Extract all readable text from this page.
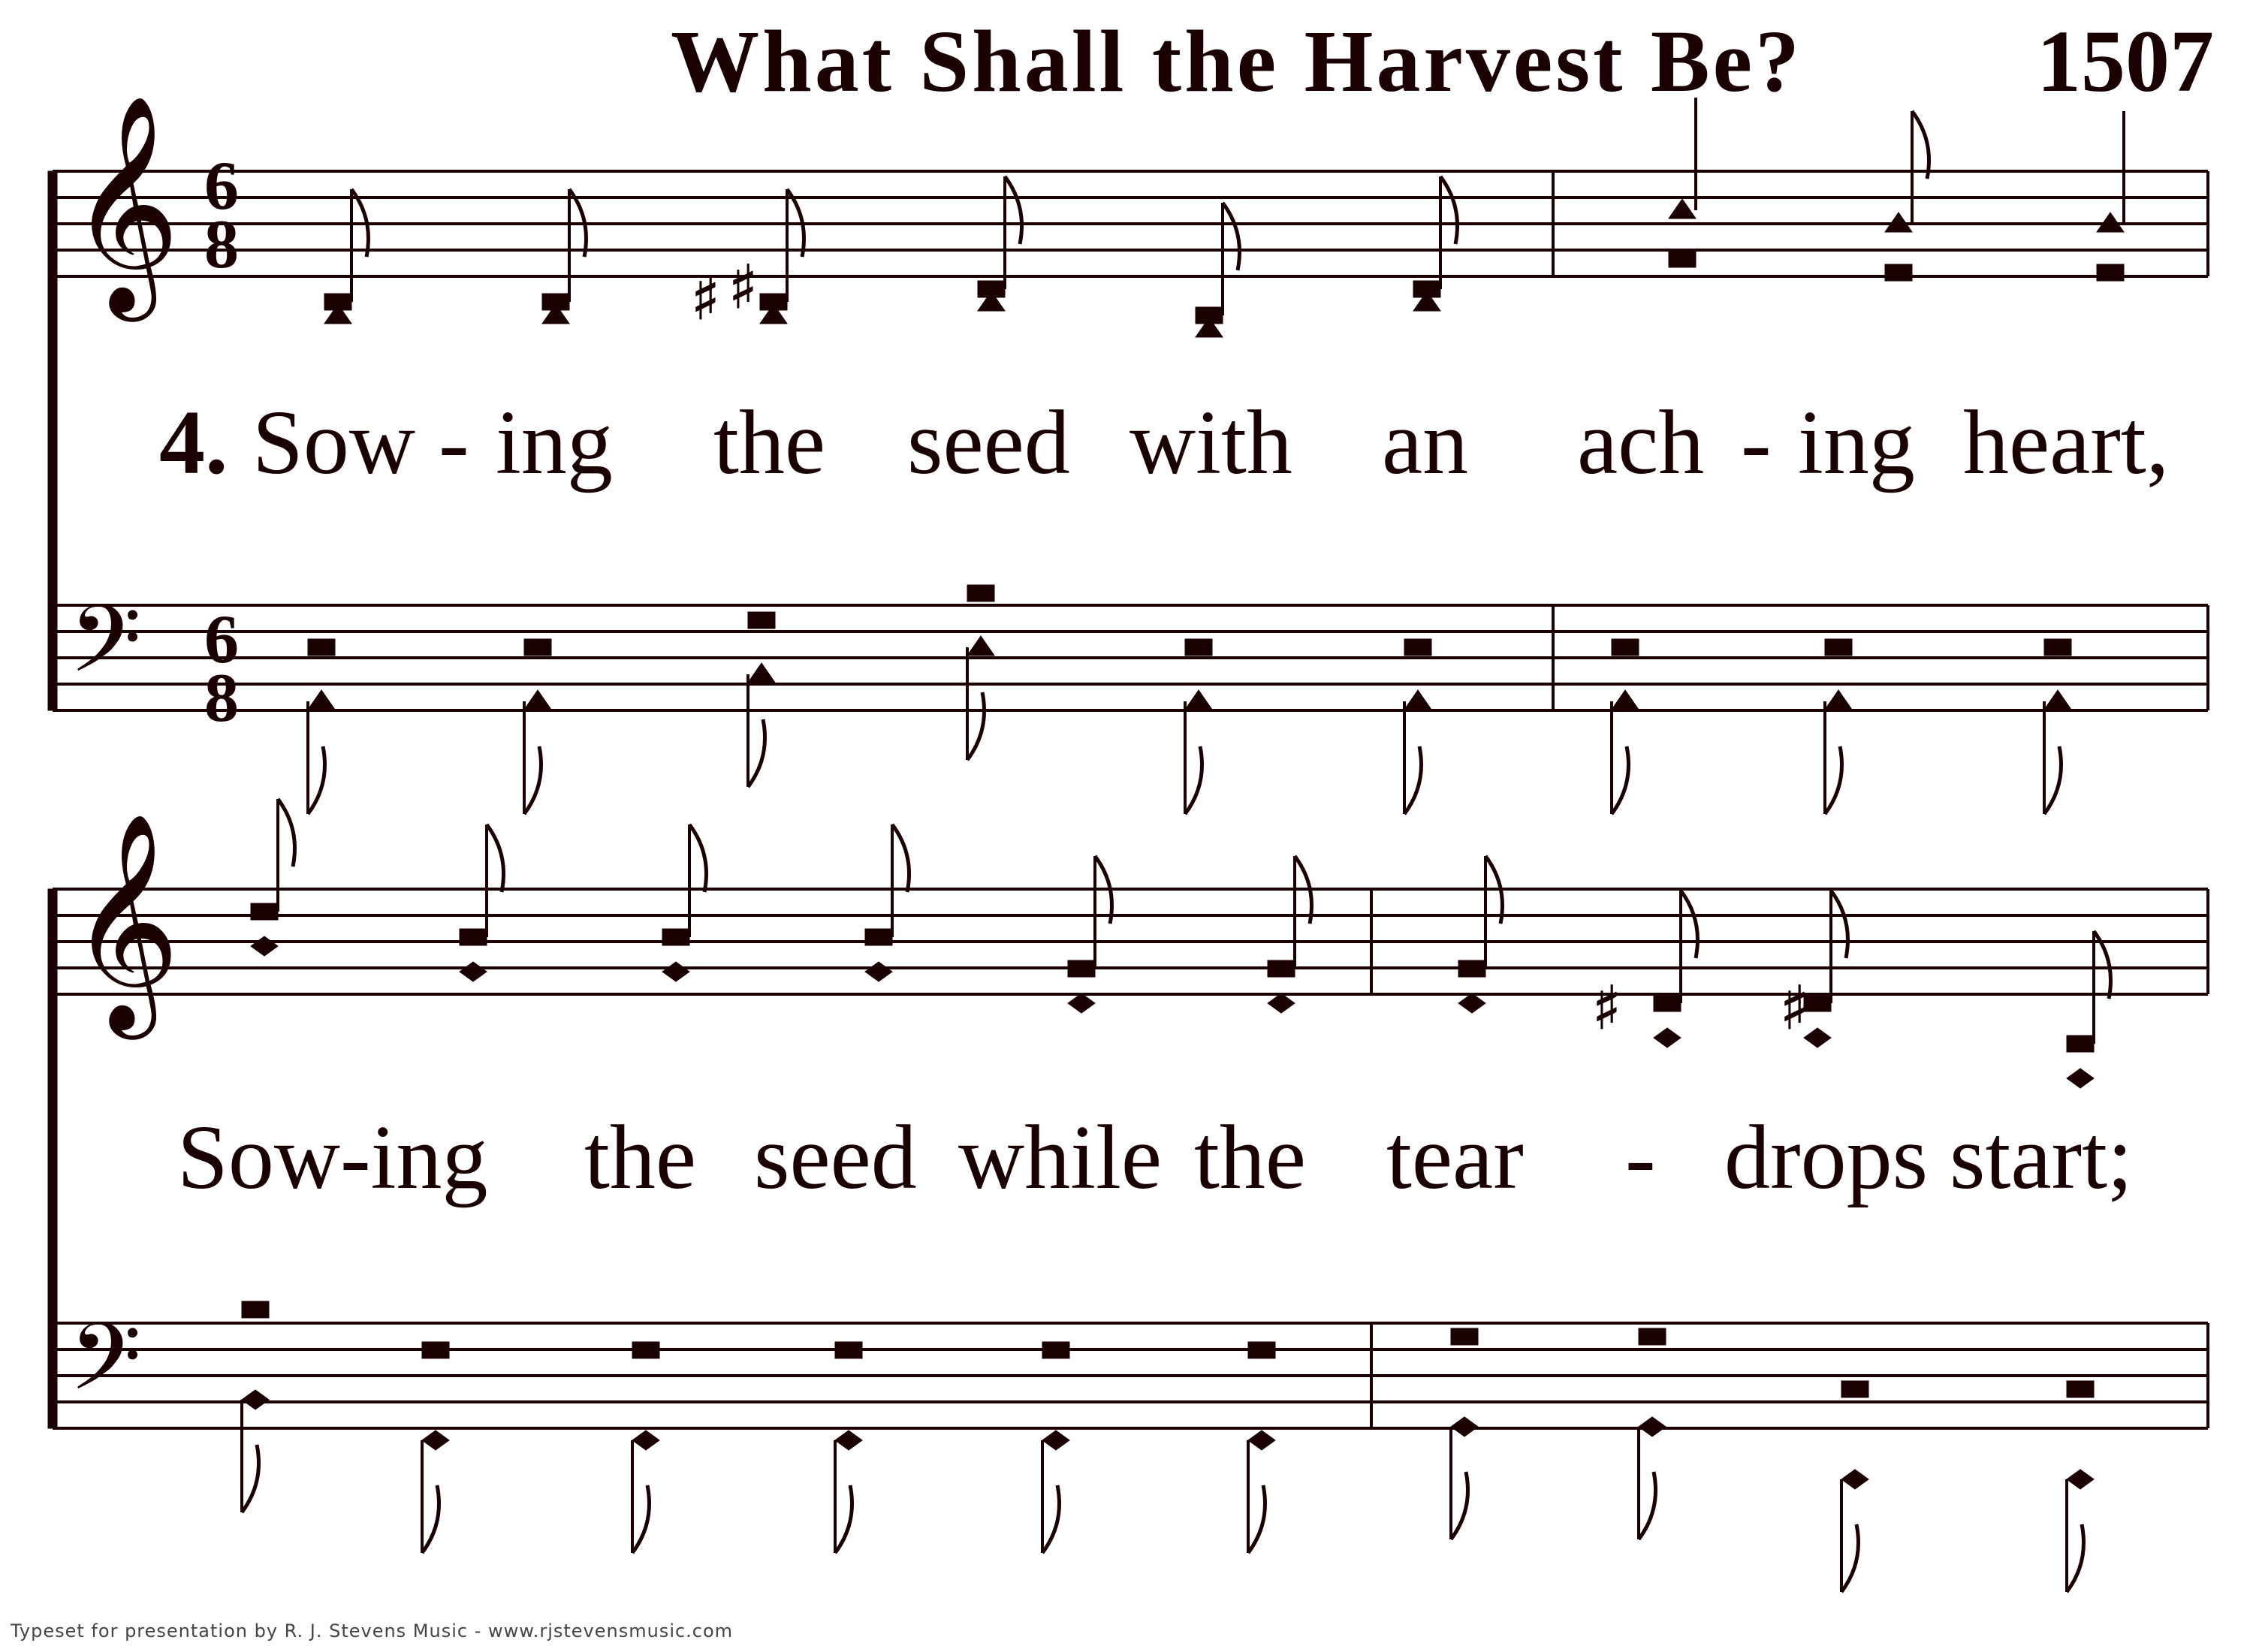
What Shall the Harvest Be?	1507
♯ ♯
♯	♯
𝄞
𝄢
𝄞
𝄢
6
8
6
8
4. Sow - ing the seed with an ach - ing heart,
Sow-ing the seed while the tear - drops start;
Typeset for presentation by R. J. Stevens Music - www.rjstevensmusic.com
